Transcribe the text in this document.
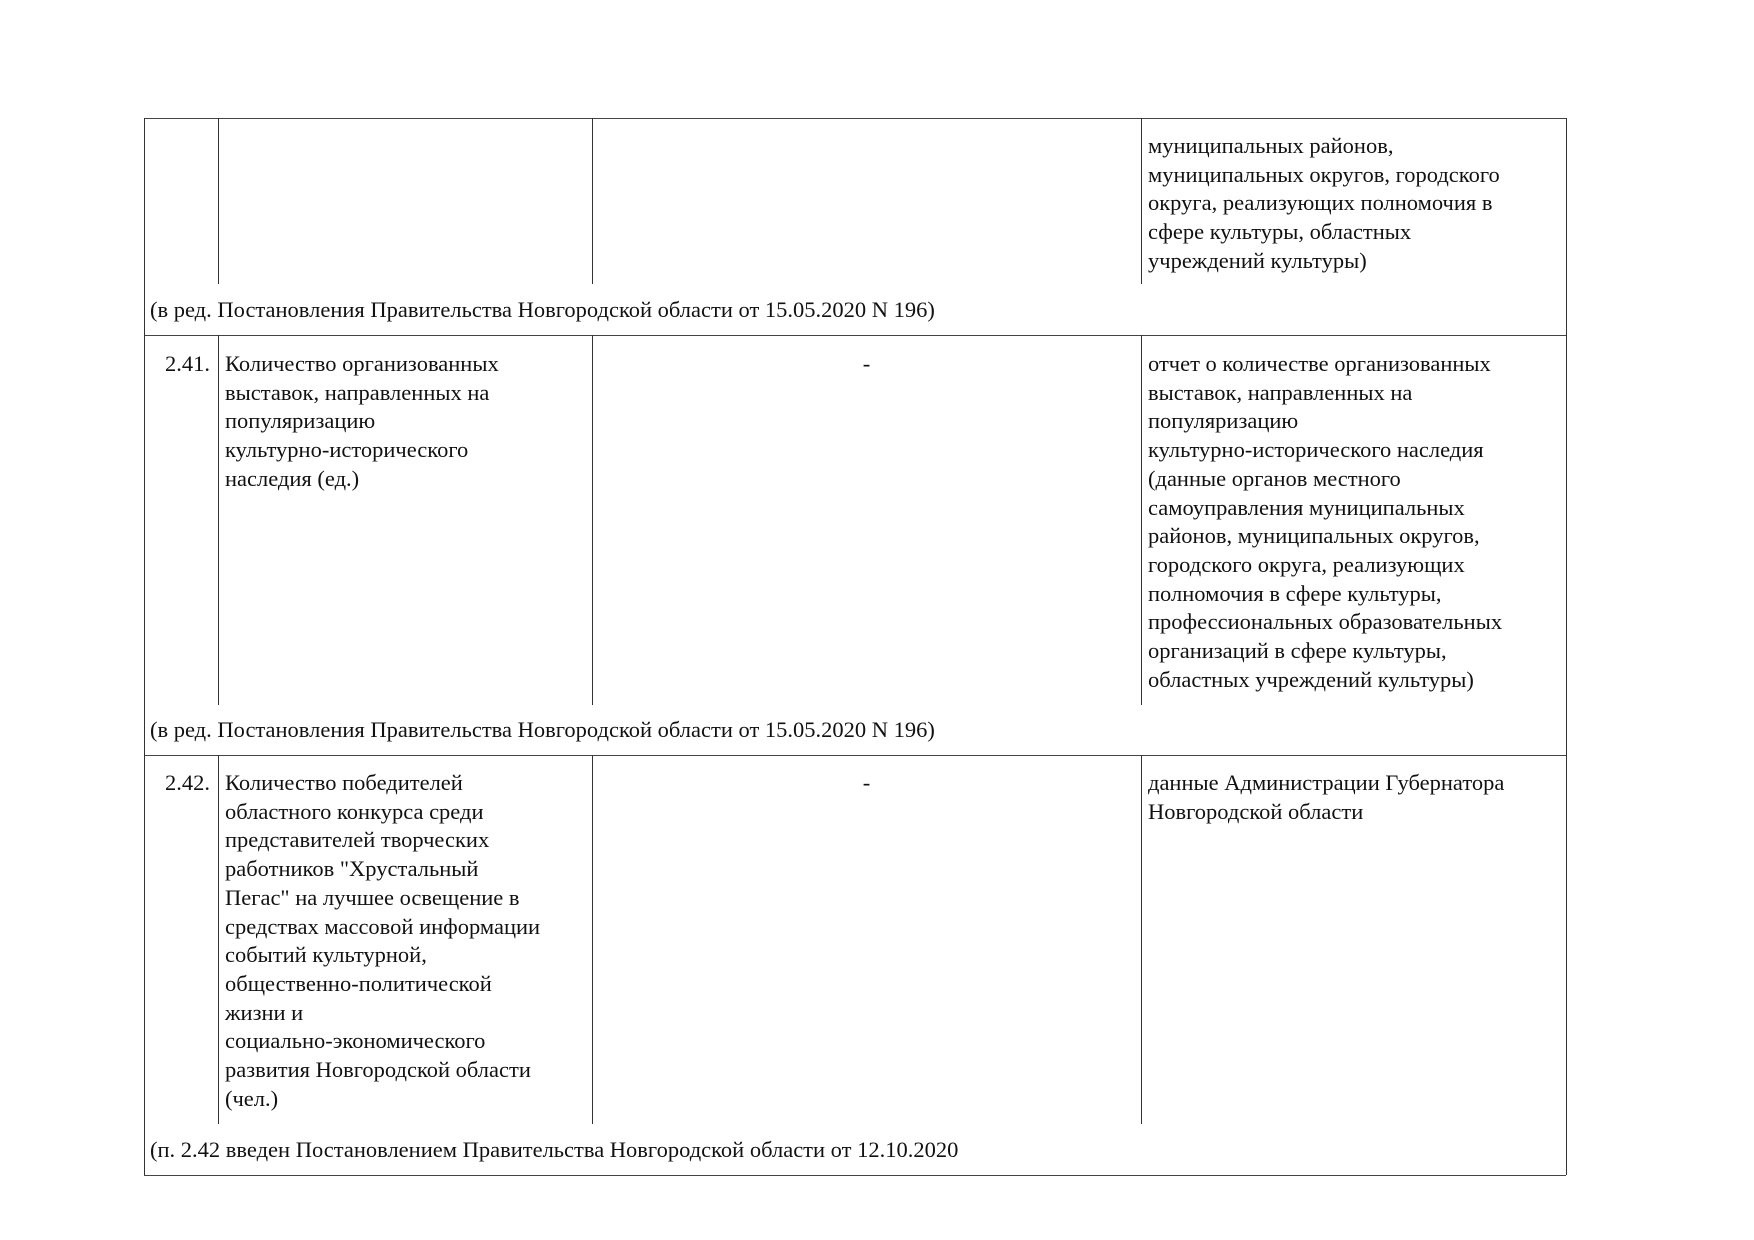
муниципальных районов,
муниципальных округов, городского
округа, реализующих полномочия в
сфере культуры, областных
учреждений культуры)
(в ред. Постановления Правительства Новгородской области от 15.05.2020 N 196)
2.41. Количество организованных
выставок, направленных на
популяризацию
культурно-исторического
наследия (ед.)
-	отчет о количестве организованных
выставок, направленных на
популяризацию
культурно-исторического наследия
(данные органов местного
самоуправления муниципальных
районов, муниципальных округов,
городского округа, реализующих
полномочия в сфере культуры,
профессиональных образовательных
организаций в сфере культуры,
областных учреждений культуры)
(в ред. Постановления Правительства Новгородской области от 15.05.2020 N 196)
2.42. Количество победителей
областного конкурса среди
представителей творческих
работников "Хрустальный
Пегас" на лучшее освещение в
средствах массовой информации
событий культурной,
общественно-политической
жизни и
социально-экономического
развития Новгородской области
(чел.)
-	данные Администрации Губернатора
Новгородской области
(п. 2.42 введен Постановлением Правительства Новгородской области от 12.10.2020
